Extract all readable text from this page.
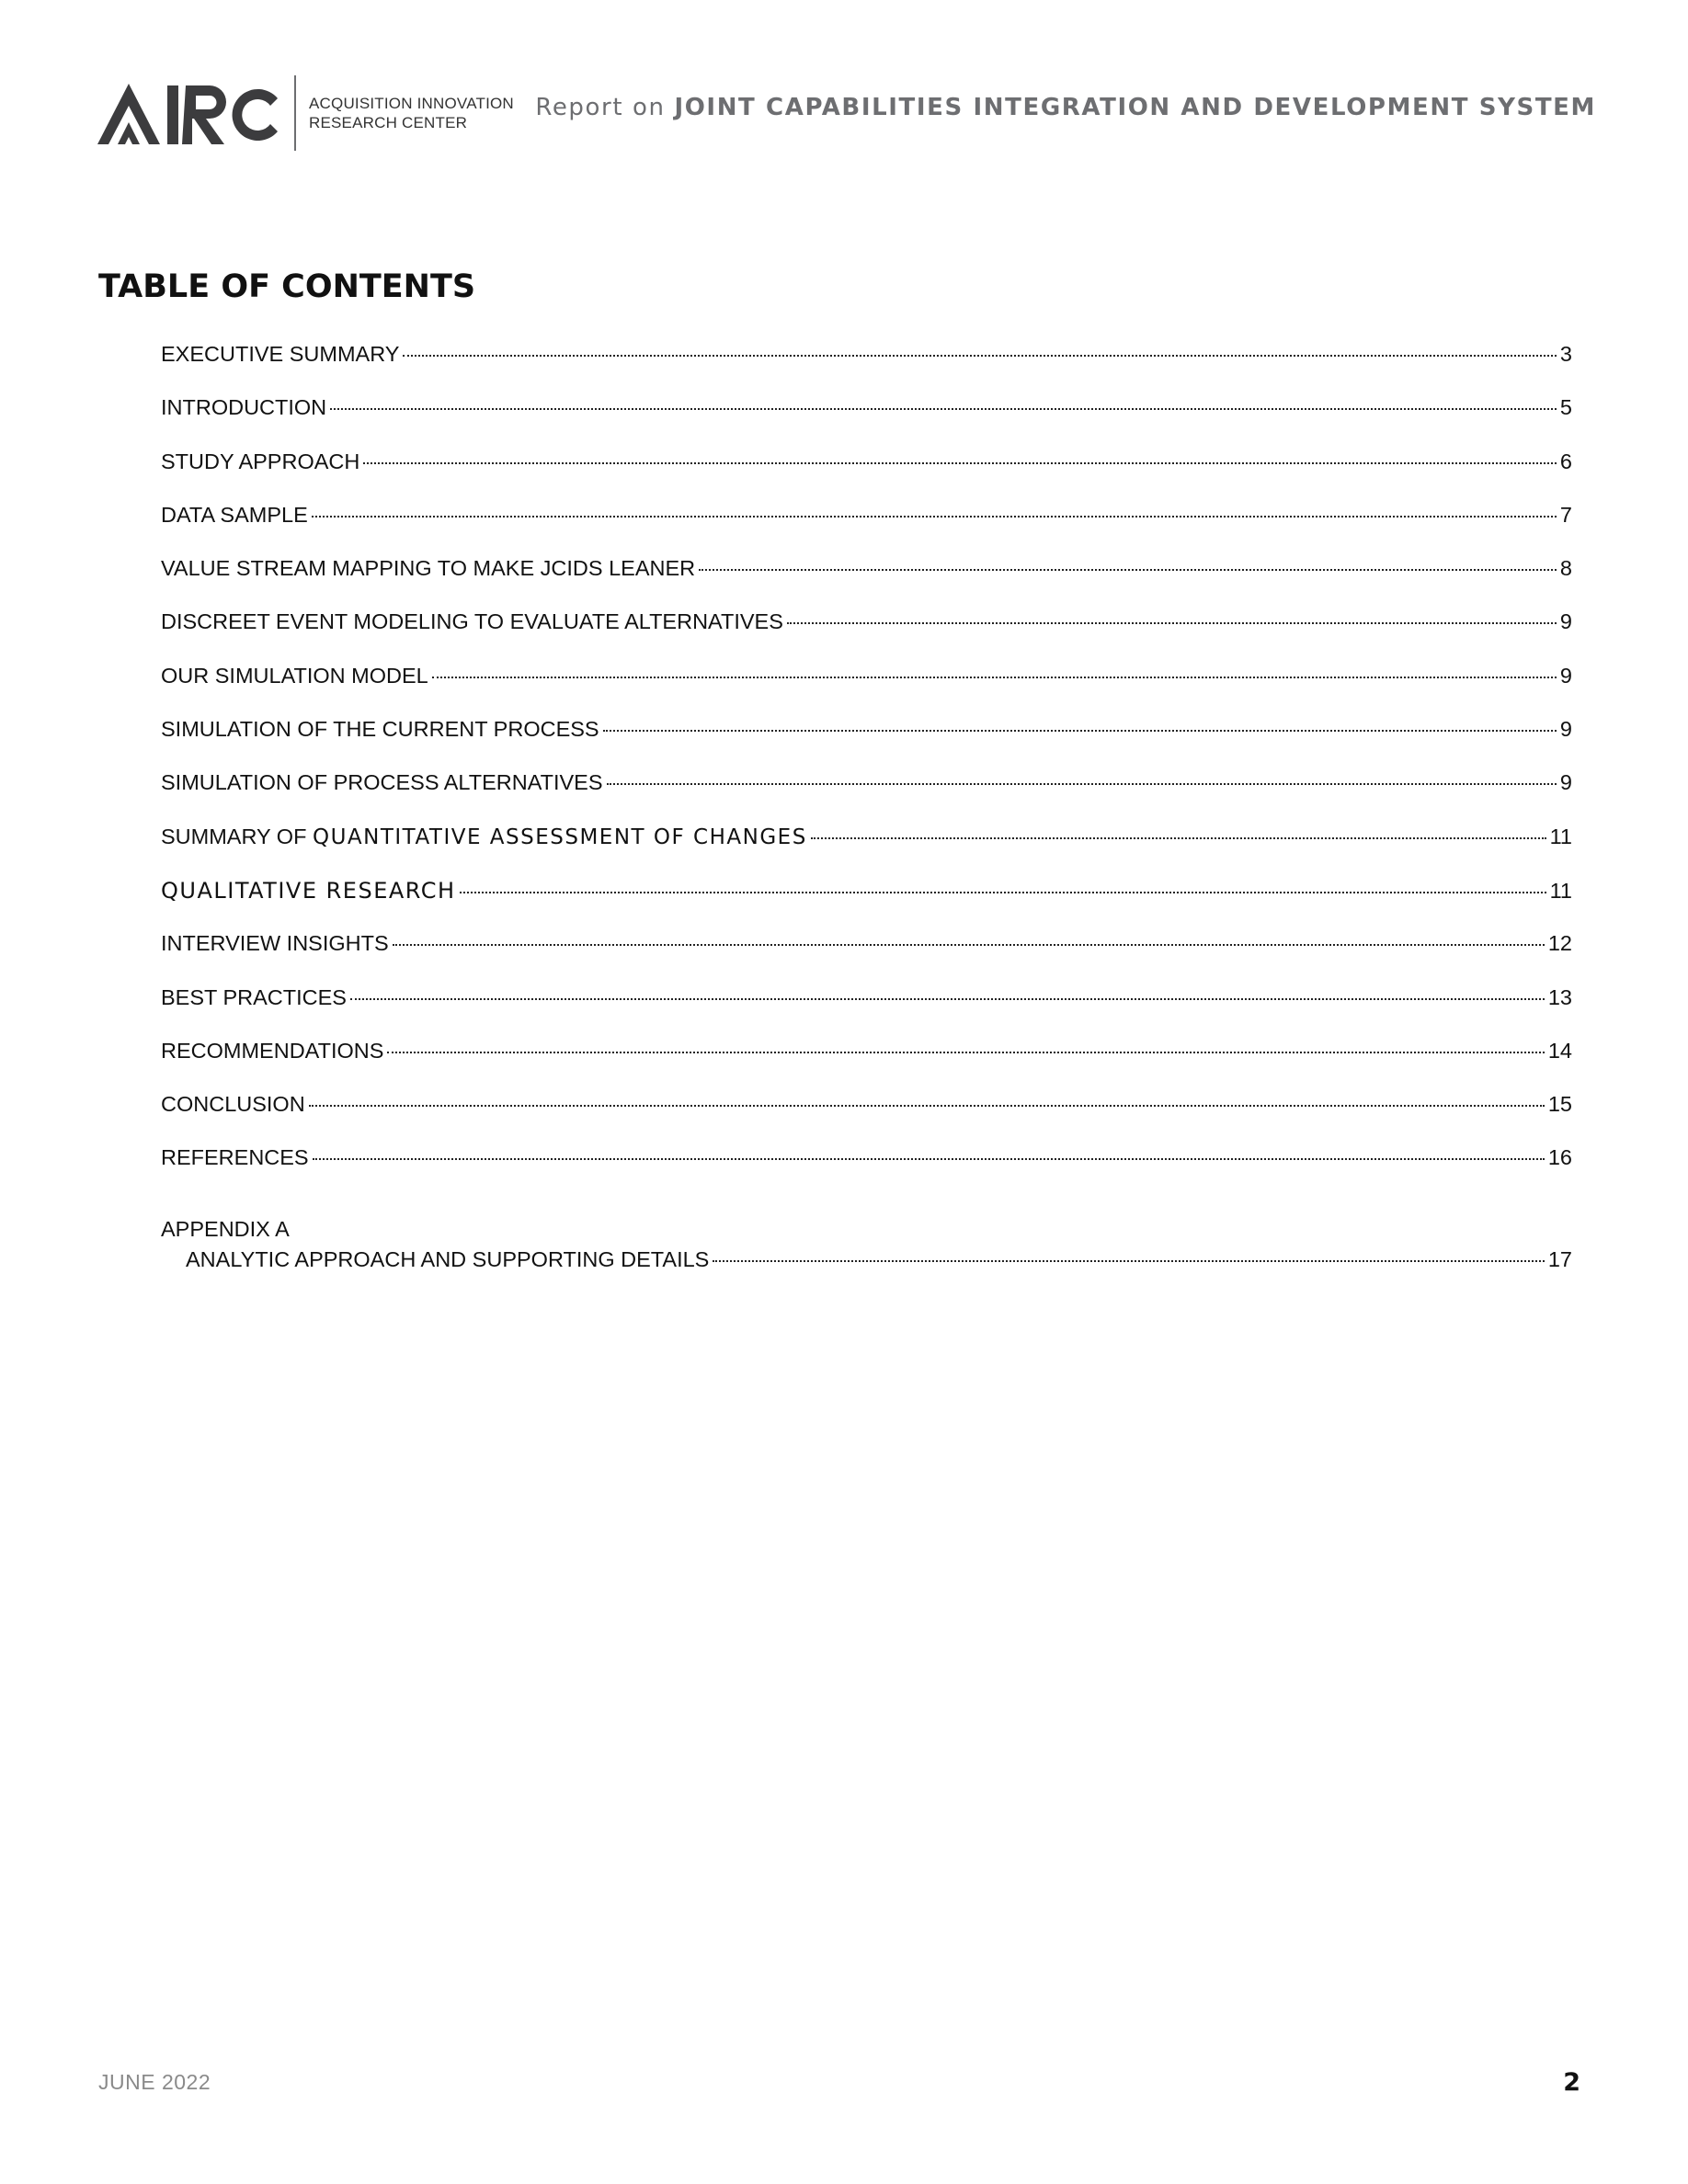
ACQUISITION INNOVATION
RESEARCH CENTER
Report on JOINT CAPABILITIES INTEGRATION AND DEVELOPMENT SYSTEM
TABLE OF CONTENTS
EXECUTIVE SUMMARY	3
INTRODUCTION	5
STUDY APPROACH	6
DATA SAMPLE	7
VALUE STREAM MAPPING TO MAKE JCIDS LEANER	8
DISCREET EVENT MODELING TO EVALUATE ALTERNATIVES	9
OUR SIMULATION MODEL	9
SIMULATION OF THE CURRENT PROCESS	9
SIMULATION OF PROCESS ALTERNATIVES	9
SUMMARY OF QUANTITATIVE ASSESSMENT OF CHANGES	11
QUALITATIVE RESEARCH	11
INTERVIEW INSIGHTS	12
BEST PRACTICES	13
RECOMMENDATIONS	14
CONCLUSION	15
REFERENCES	16
APPENDIX A
ANALYTIC APPROACH AND SUPPORTING DETAILS	17
JUNE 2022	2
